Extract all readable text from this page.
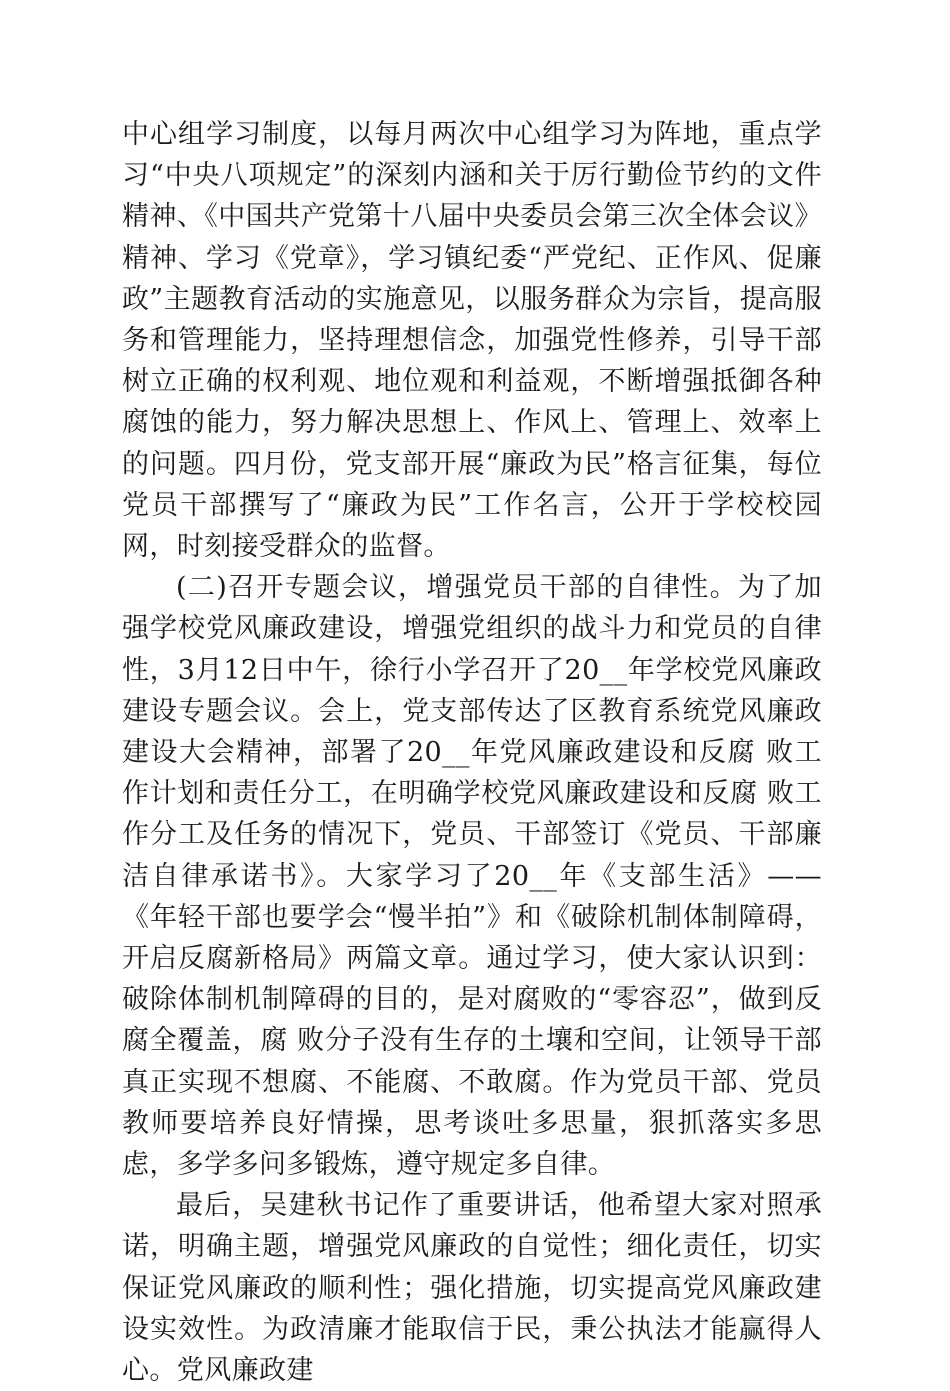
中心组学习制度，以每月两次中心组学习为阵地，重点学习“中央八项规定”的深刻内涵和关于厉行勤俭节约的文件精神、《中国共产党第十八届中央委员会第三次全体会议》精神、学习《党章》，学习镇纪委“严党纪、正作风、促廉政”主题教育活动的实施意见，以服务群众为宗旨，提高服务和管理能力，坚持理想信念，加强党性修养，引导干部树立正确的权利观、地位观和利益观，不断增强抵御各种腐蚀的能力，努力解决思想上、作风上、管理上、效率上的问题。四月份，党支部开展“廉政为民”格言征集，每位党员干部撰写了“廉政为民”工作名言，公开于学校校园网，时刻接受群众的监督。

(二)召开专题会议，增强党员干部的自律性。为了加强学校党风廉政建设，增强党组织的战斗力和党员的自律性，3月12日中午，徐行小学召开了20__年学校党风廉政建设专题会议。会上，党支部传达了区教育系统党风廉政建设大会精神，部署了20__年党风廉政建设和反腐 败工作计划和责任分工，在明确学校党风廉政建设和反腐 败工作分工及任务的情况下，党员、干部签订《党员、干部廉洁自律承诺书》。大家学习了20__年《支部生活》——《年轻干部也要学会“慢半拍”》和《破除机制体制障碍，开启反腐新格局》两篇文章。通过学习，使大家认识到：破除体制机制障碍的目的，是对腐败的“零容忍”，做到反腐全覆盖，腐 败分子没有生存的土壤和空间，让领导干部真正实现不想腐、不能腐、不敢腐。作为党员干部、党员教师要培养良好情操，思考谈吐多思量，狠抓落实多思虑，多学多问多锻炼，遵守规定多自律。

最后，吴建秋书记作了重要讲话，他希望大家对照承诺，明确主题，增强党风廉政的自觉性；细化责任，切实保证党风廉政的顺利性；强化措施，切实提高党风廉政建设实效性。为政清廉才能取信于民，秉公执法才能赢得人心。党风廉政建
